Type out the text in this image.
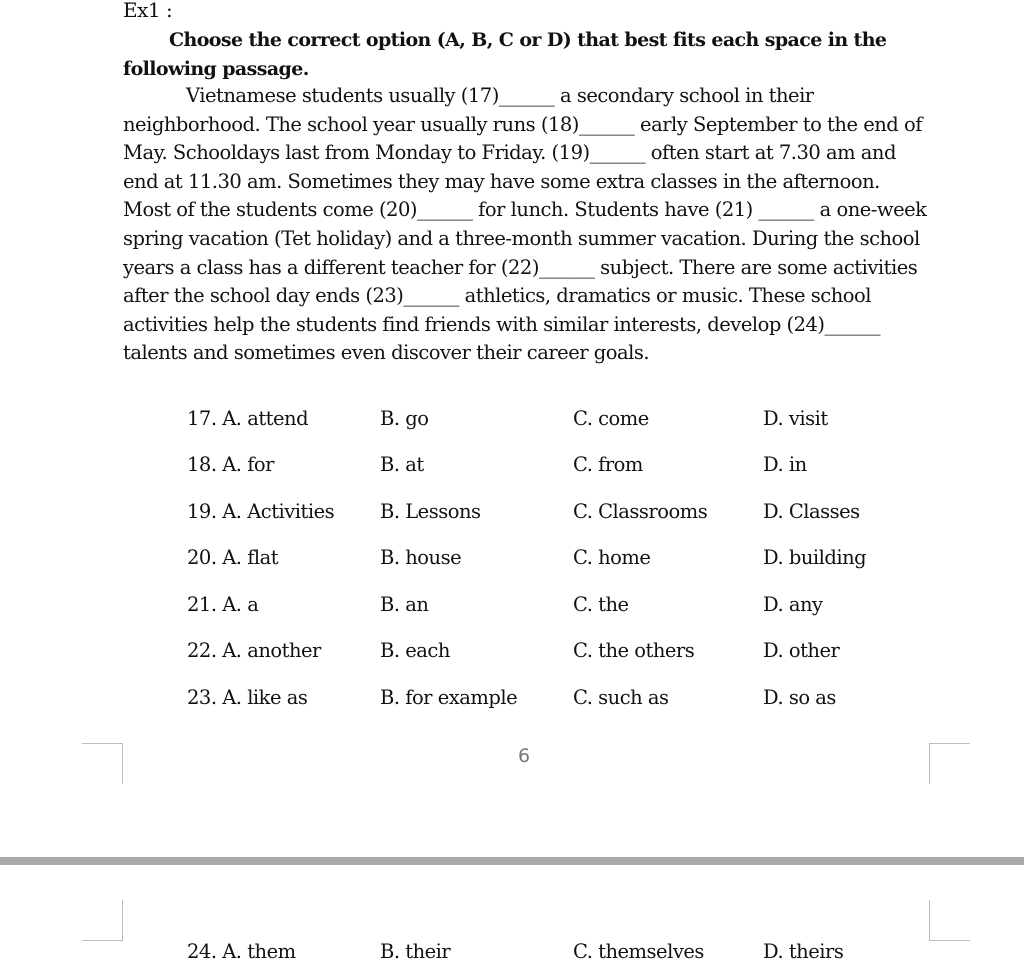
Ex1 :
Choose the correct option (A, B, C or D) that best fits each space in the following passage.

Vietnamese students usually (17)______ a secondary school in their neighborhood. The school year usually runs (18)______ early September to the end of May. Schooldays last from Monday to Friday. (19)______ often start at 7.30 am and end at 11.30 am. Sometimes they may have some extra classes in the afternoon. Most of the students come (20)______ for lunch. Students have (21) ______ a one-week spring vacation (Tet holiday) and a three-month summer vacation. During the school years a class has a different teacher for (22)______ subject. There are some activities after the school day ends (23)______ athletics, dramatics or music. These school activities help the students find friends with similar interests, develop (24)______ talents and sometimes even discover their career goals.

17. A. attend	B. go	C. come	D. visit
18. A. for	B. at	C. from	D. in
19. A. Activities B. Lessons	C. Classrooms	D. Classes
20. A. flat	B. house	C. home	D. building
21. A. a	B. an	C. the	D. any
22. A. another	B. each	C. the others	D. other
23. A. like as	B. for example	C. such as	D. so as
6
24. A. them	B. their	C. themselves	D. theirs
